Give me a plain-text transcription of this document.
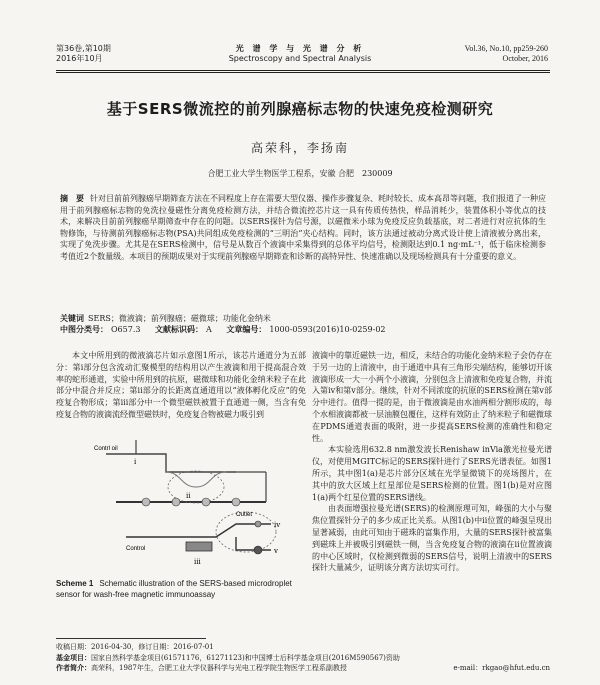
第36卷,第10期
2016年10月
光 谱 学 与 光 谱 分 析
Spectroscopy and Spectral Analysis
Vol.36, No.10, pp259-260
October, 2016
基于SERS微流控的前列腺癌标志物的快速免疫检测研究
高荣科，李扬南
合肥工业大学生物医学工程系，安徽 合肥　230009
摘　要 针对目前前列腺癌早期筛查方法在不同程度上存在需要大型仪器、操作步骤复杂、耗时较长、成本高昂等问题，我们报道了一种应用于前列腺癌标志物的免洗拉曼磁性分离免疫检测方法，并结合微流控芯片这一具有传质传热快，样品消耗少，装置体积小等优点的技术，来解决目前前列腺癌早期筛查中存在的问题。以SERS探针为信号源，以磁微米小球为免疫反应负载基底，对二者进行对应抗体的生物修饰，与待测前列腺癌标志物(PSA)共同组成免疫检测的“三明治”夹心结构。同时，该方法通过被动分离式设计使上清液被分离出来，实现了免洗步骤。尤其是在SERS检测中，信号是从数百个液滴中采集得到的总体平均信号，检测限达到0.1 ng·mL⁻¹，低于临床检测参考值近2个数量级。本项目的预期成果对于实现前列腺癌早期筛查和诊断的高特异性、快速准确以及现场检测具有十分重要的意义。
关键词 SERS；微液滴；前列腺癌；磁微球；功能化金纳米
中图分类号： O657.3 文献标识码： A 文章编号： 1000-0593(2016)10-0259-02
本文中所用到的微液滴芯片如示意图1所示，该芯片通道分为五部分：第i部分包含流动汇聚模型的结构用以产生液滴和用于提高混合效率的蛇形通道，实验中所用到的抗原，磁微球和功能化金纳米粒子在此部分中混合并反应；第ii部分的长距离直通道用以“液体孵化反应”的免疫复合物形成；第iii部分中一个微型磁铁被置于直通道一侧，当含有免疫复合物的液滴流经微型磁铁时，免疫复合物被磁力吸引到
i
ii
iii
iv
v
Contrl oil
Outlet
Control
Scheme 1 Schematic illustration of the SERS-based microdroplet sensor for wash-free magnetic immunoassay

液滴中的靠近磁铁一边，相反，未结合的功能化金纳米粒子会仍存在于另一边的上清液中，由于通道中具有三角形尖端结构，能够切开该液滴形成一大一小两个小液滴，分别包含上清液和免疫复合物，并流入第iv和第v部分。继续，针对不同浓度的抗原的SERS检测在第v部分中进行。值得一提的是，由于微液滴是由水油两相分割形成的，每个水相液滴都被一层油膜包覆住，这样有效防止了纳米粒子和磁微球在PDMS通道表面的吸附，进一步提高SERS检测的准确性和稳定性。

本实验选用632.8 nm激发波长Renishaw inVia激光拉曼光谱仪，对使用MGITC标记的SERS探针进行了SERS光谱表征。如图1所示，其中图1(a)是芯片部分区域在光学显微镜下的亮场图片，在其中的放大区域上红星部位是SERS检测的位置。图1(b)是对应图1(a)两个红星位置的SERS谱线。

由表面增强拉曼光谱(SERS)的检测原理可知，峰强的大小与聚焦位置探针分子的多少成正比关系。从图1(b)中ii位置的峰强呈现出显著减弱，由此可知由于磁珠的富集作用，大量的SERS探针被富集到磁珠上并被吸引到磁铁一侧，当含免疫复合物的液滴在ii位置液滴的中心区域时，仅检测到微弱的SERS信号，说明上清液中的SERS探针大量减少，证明该分离方法切实可行。

收稿日期：2016-04-30，修订日期：2016-07-01
基金项目：国家自然科学基金项目(61571176，61271123)和中国博士后科学基金项目(2016M590567)资助
作者简介：高荣科，1987年生，合肥工业大学仪器科学与光电工程学院生物医学工程系副教授	e-mail：rkgao@hfut.edu.cn
